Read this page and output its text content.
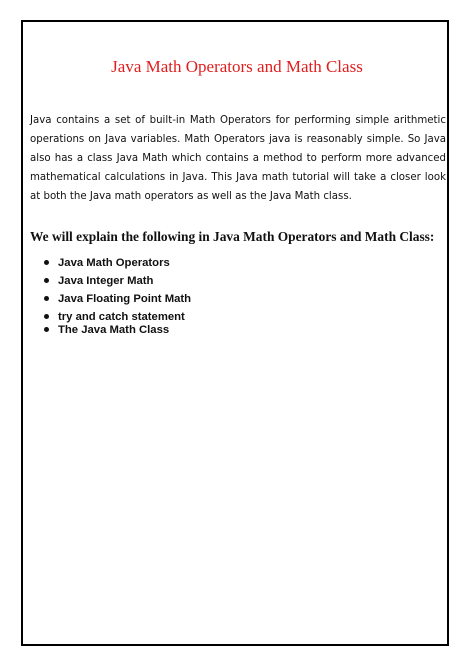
Java Math Operators and Math Class

Java contains a set of built-in Math Operators for performing simple arithmetic operations on Java variables. Math Operators java is reasonably simple. So Java also has a class Java Math which contains a method to perform more advanced mathematical calculations in Java. This Java math tutorial will take a closer look at both the Java math operators as well as the Java Math class.

We will explain the following in Java Math Operators and Math Class:
Java Math Operators
Java Integer Math
Java Floating Point Math
try and catch statement
The Java Math Class
